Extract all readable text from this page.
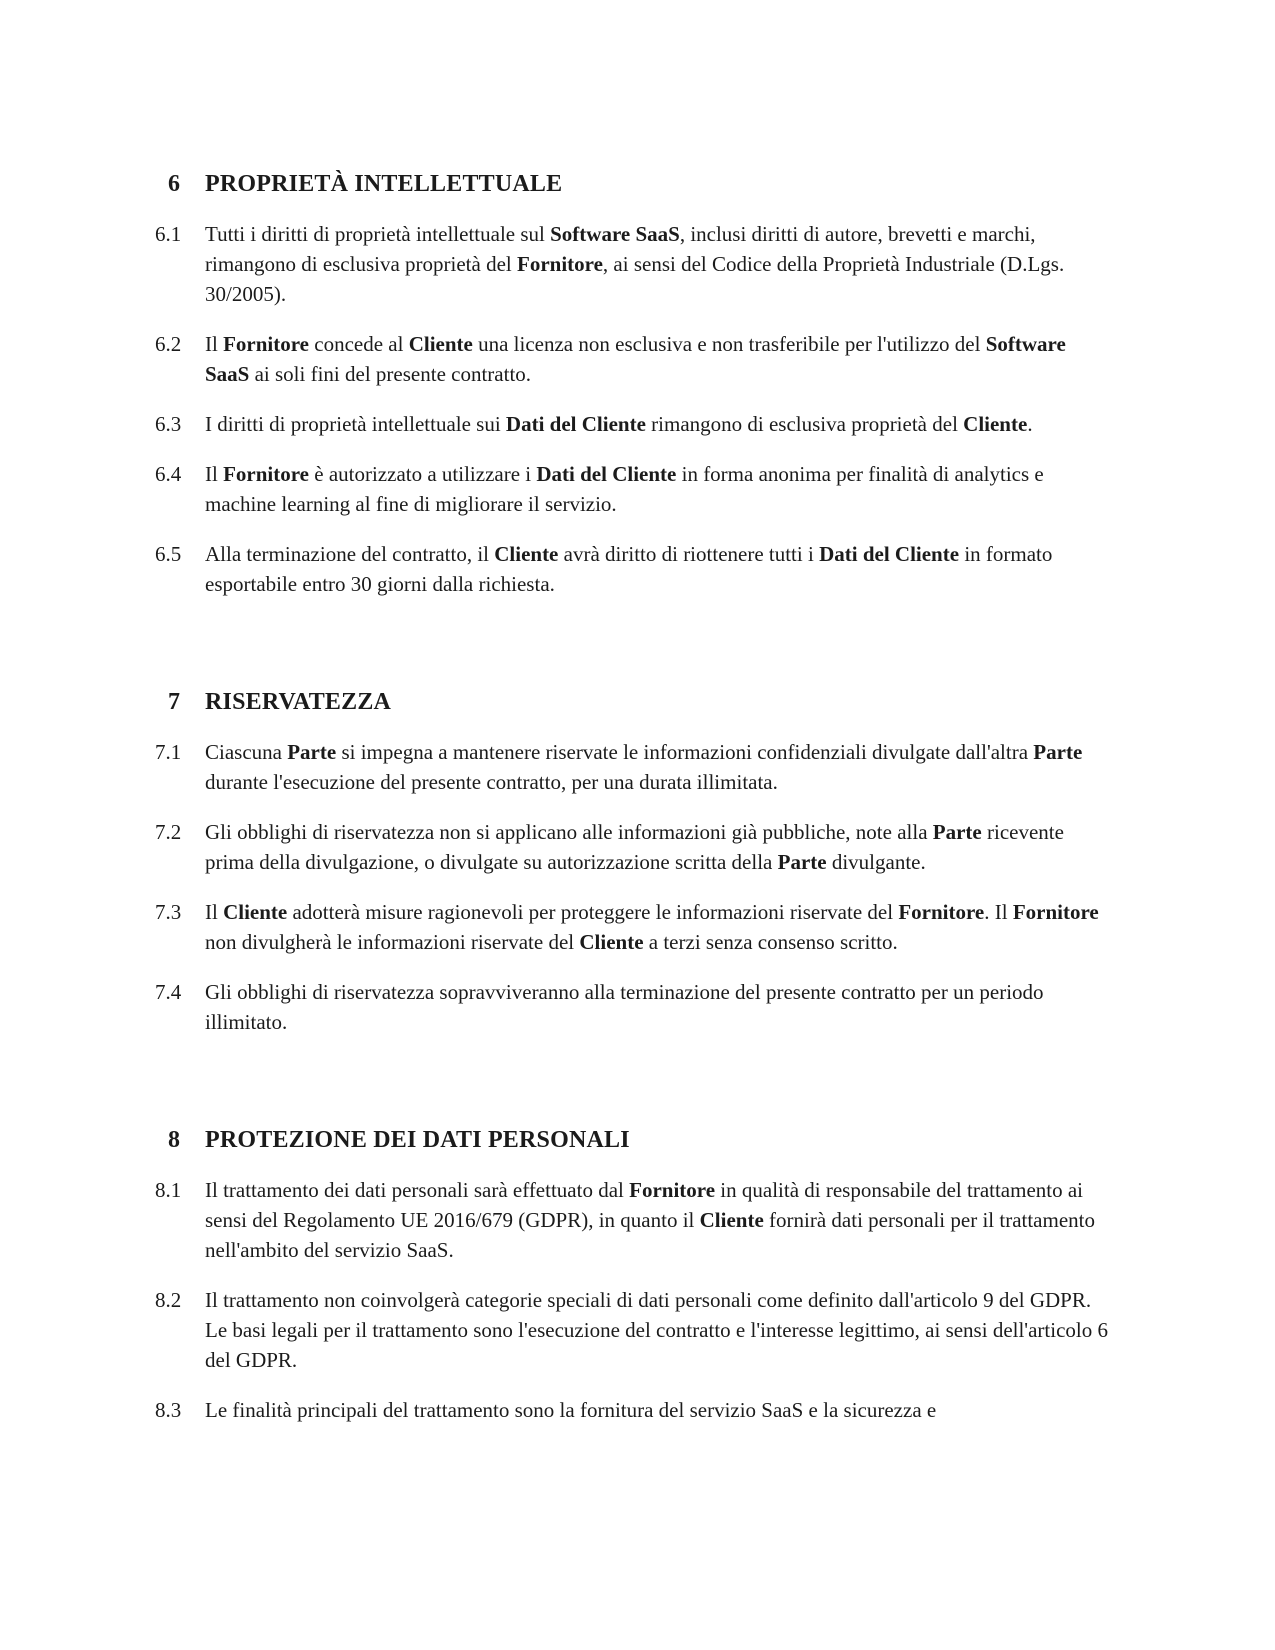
6	PROPRIETÀ INTELLETTUALE
6.1	Tutti i diritti di proprietà intellettuale sul Software SaaS, inclusi diritti di autore, brevetti e marchi, rimangono di esclusiva proprietà del Fornitore, ai sensi del Codice della Proprietà Industriale (D.Lgs. 30/2005).

6.2	Il Fornitore concede al Cliente una licenza non esclusiva e non trasferibile per l'utilizzo del Software SaaS ai soli fini del presente contratto.

6.3	I diritti di proprietà intellettuale sui Dati del Cliente rimangono di esclusiva proprietà del Cliente.

6.4	Il Fornitore è autorizzato a utilizzare i Dati del Cliente in forma anonima per finalità di analytics e machine learning al fine di migliorare il servizio.

6.5	Alla terminazione del contratto, il Cliente avrà diritto di riottenere tutti i Dati del Cliente in formato esportabile entro 30 giorni dalla richiesta.

7	RISERVATEZZA
7.1	Ciascuna Parte si impegna a mantenere riservate le informazioni confidenziali divulgate dall'altra Parte durante l'esecuzione del presente contratto, per una durata illimitata.

7.2	Gli obblighi di riservatezza non si applicano alle informazioni già pubbliche, note alla Parte ricevente prima della divulgazione, o divulgate su autorizzazione scritta della Parte divulgante.

7.3	Il Cliente adotterà misure ragionevoli per proteggere le informazioni riservate del Fornitore. Il Fornitore non divulgherà le informazioni riservate del Cliente a terzi senza consenso scritto.

7.4	Gli obblighi di riservatezza sopravviveranno alla terminazione del presente contratto per un periodo illimitato.

8	PROTEZIONE DEI DATI PERSONALI
8.1	Il trattamento dei dati personali sarà effettuato dal Fornitore in qualità di responsabile del trattamento ai sensi del Regolamento UE 2016/679 (GDPR), in quanto il Cliente fornirà dati personali per il trattamento nell'ambito del servizio SaaS.

8.2	Il trattamento non coinvolgerà categorie speciali di dati personali come definito dall'articolo 9 del GDPR. Le basi legali per il trattamento sono l'esecuzione del contratto e l'interesse legittimo, ai sensi dell'articolo 6 del GDPR.

8.3	Le finalità principali del trattamento sono la fornitura del servizio SaaS e la sicurezza e
